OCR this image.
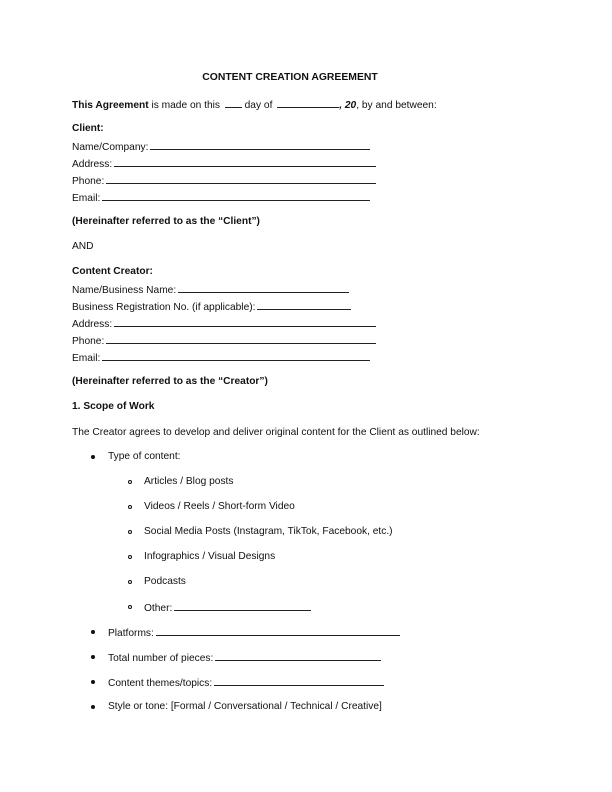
CONTENT CREATION AGREEMENT
This Agreement is made on this  day of	, 20, by and between:
Client:
Name/Company:
Address:
Phone:
Email:
(Hereinafter referred to as the “Client”)
AND
Content Creator:
Name/Business Name:
Business Registration No. (if applicable):
Address:
Phone:
Email:
(Hereinafter referred to as the “Creator”)
1. Scope of Work
The Creator agrees to develop and deliver original content for the Client as outlined below:
Type of content:
Articles / Blog posts
Videos / Reels / Short-form Video
Social Media Posts (Instagram, TikTok, Facebook, etc.)
Infographics / Visual Designs
Podcasts
Other:
Platforms:
Total number of pieces:
Content themes/topics:
Style or tone: [Formal / Conversational / Technical / Creative]
